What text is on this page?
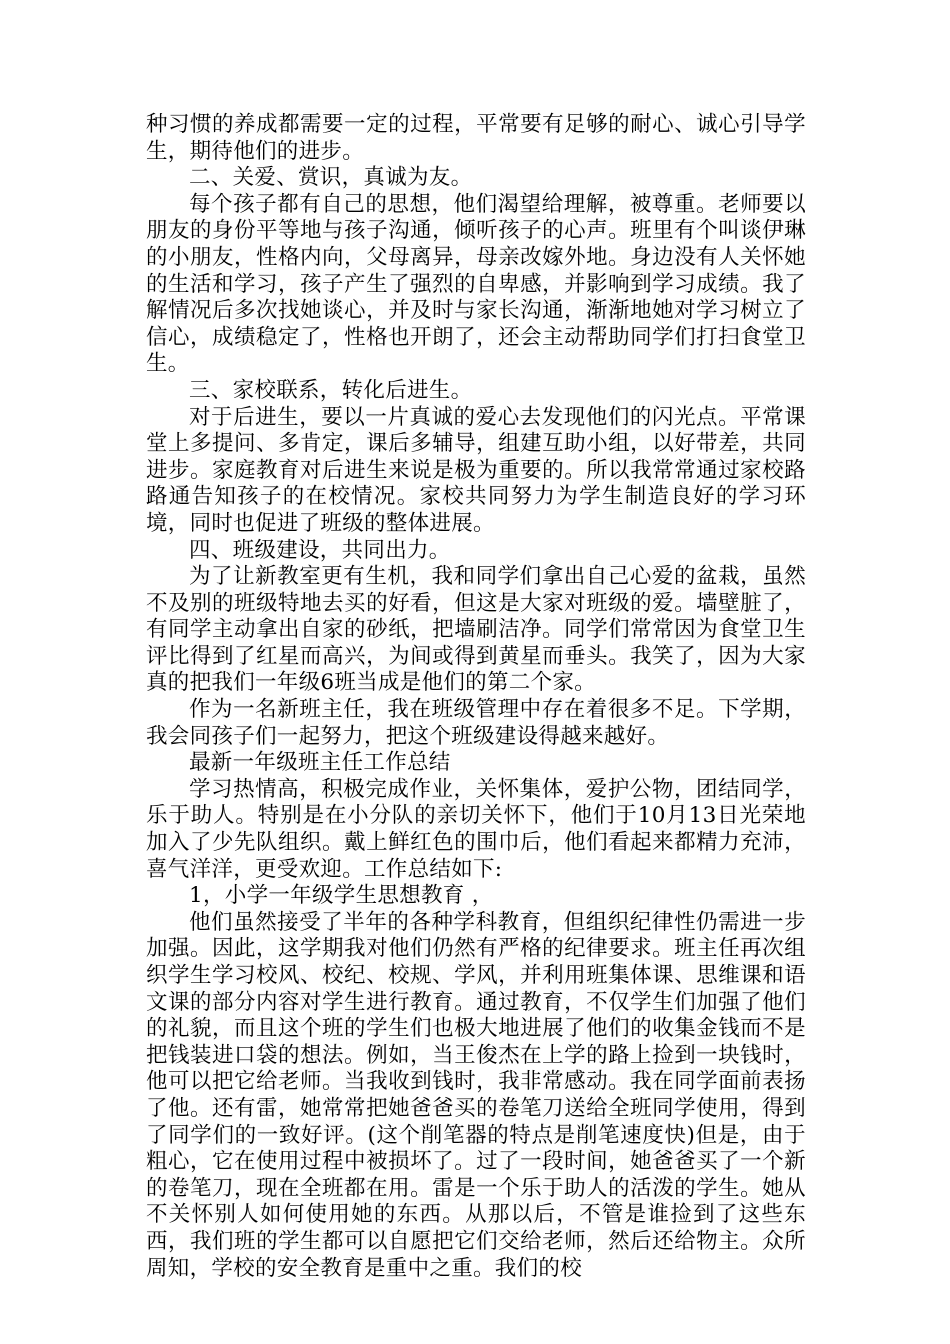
种习惯的养成都需要一定的过程，平常要有足够的耐心、诚心引导学生，期待他们的进步。

二、关爱、赏识，真诚为友。

每个孩子都有自己的思想，他们渴望给理解，被尊重。老师要以朋友的身份平等地与孩子沟通，倾听孩子的心声。班里有个叫谈伊琳的小朋友，性格内向，父母离异，母亲改嫁外地。身边没有人关怀她的生活和学习，孩子产生了强烈的自卑感，并影响到学习成绩。我了解情况后多次找她谈心，并及时与家长沟通，渐渐地她对学习树立了信心，成绩稳定了，性格也开朗了，还会主动帮助同学们打扫食堂卫生。

三、家校联系，转化后进生。

对于后进生，要以一片真诚的爱心去发现他们的闪光点。平常课堂上多提问、多肯定，课后多辅导，组建互助小组，以好带差，共同进步。家庭教育对后进生来说是极为重要的。所以我常常通过家校路路通告知孩子的在校情况。家校共同努力为学生制造良好的学习环境，同时也促进了班级的整体进展。

四、班级建设，共同出力。

为了让新教室更有生机，我和同学们拿出自己心爱的盆栽，虽然不及别的班级特地去买的好看，但这是大家对班级的爱。墙壁脏了，有同学主动拿出自家的砂纸，把墙刷洁净。同学们常常因为食堂卫生评比得到了红星而高兴，为间或得到黄星而垂头。我笑了，因为大家真的把我们一年级6班当成是他们的第二个家。

作为一名新班主任，我在班级管理中存在着很多不足。下学期，我会同孩子们一起努力，把这个班级建设得越来越好。

最新一年级班主任工作总结

学习热情高，积极完成作业，关怀集体，爱护公物，团结同学，乐于助人。特别是在小分队的亲切关怀下，他们于10月13日光荣地加入了少先队组织。戴上鲜红色的围巾后，他们看起来都精力充沛，喜气洋洋，更受欢迎。工作总结如下:

1，小学一年级学生思想教育 ，

他们虽然接受了半年的各种学科教育，但组织纪律性仍需进一步加强。因此，这学期我对他们仍然有严格的纪律要求。班主任再次组织学生学习校风、校纪、校规、学风，并利用班集体课、思维课和语文课的部分内容对学生进行教育。通过教育，不仅学生们加强了他们的礼貌，而且这个班的学生们也极大地进展了他们的收集金钱而不是把钱装进口袋的想法。例如，当王俊杰在上学的路上捡到一块钱时，他可以把它给老师。当我收到钱时，我非常感动。我在同学面前表扬了他。还有雷，她常常把她爸爸买的卷笔刀送给全班同学使用，得到了同学们的一致好评。(这个削笔器的特点是削笔速度快)但是，由于粗心，它在使用过程中被损坏了。过了一段时间，她爸爸买了一个新的卷笔刀，现在全班都在用。雷是一个乐于助人的活泼的学生。她从不关怀别人如何使用她的东西。从那以后，不管是谁捡到了这些东西，我们班的学生都可以自愿把它们交给老师，然后还给物主。众所周知，学校的安全教育是重中之重。我们的校
